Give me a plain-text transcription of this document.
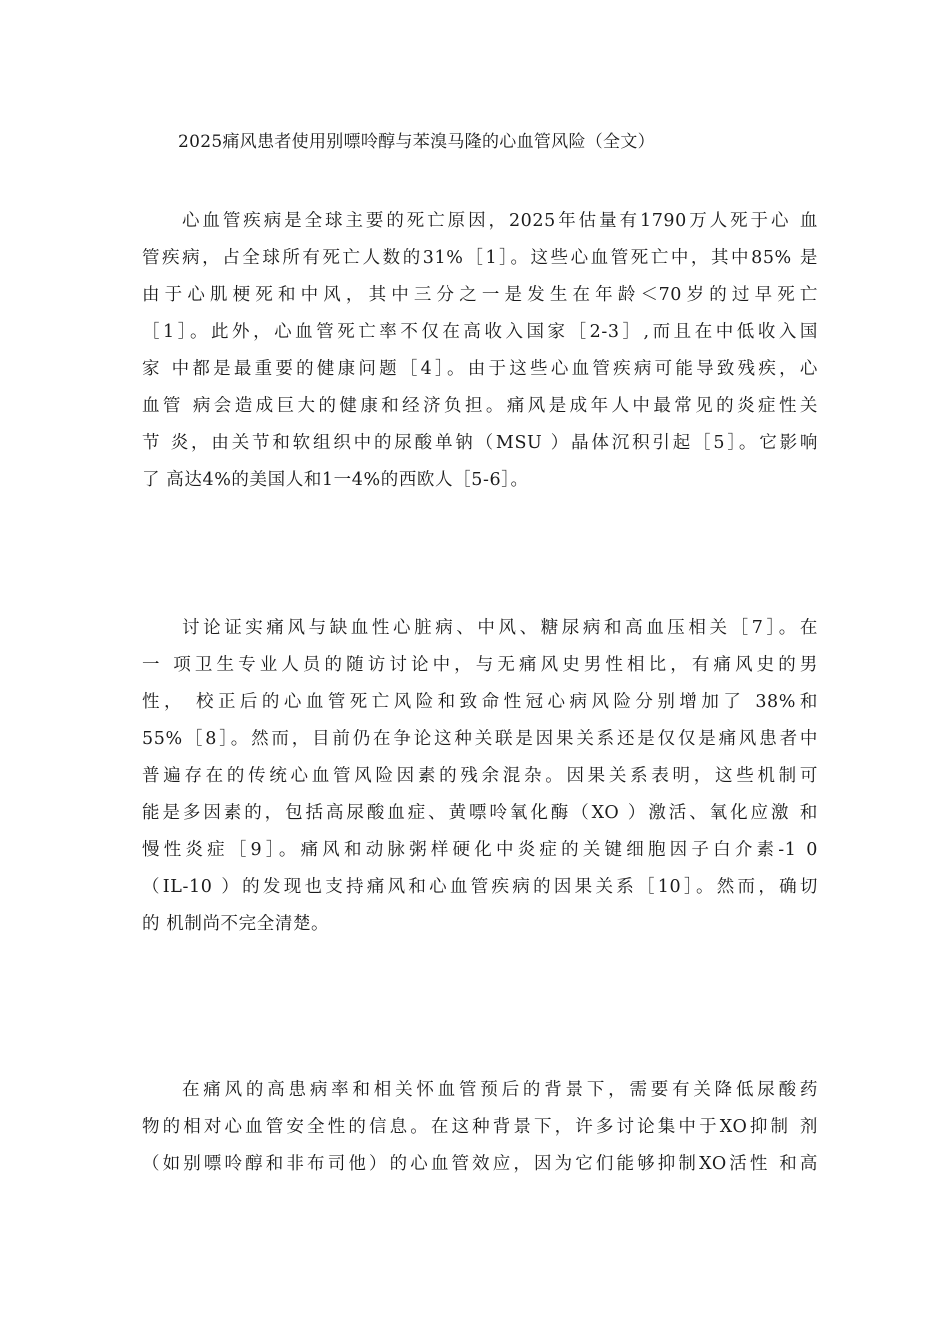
2025痛风患者使用别嘌呤醇与苯溴马隆的心血管风险（全文）
心血管疾病是全球主要的死亡原因，2025年估量有1790万人死于心 血
管疾病，占全球所有死亡人数的31%［1］。这些心血管死亡中，其中85% 是
由于心肌梗死和中风，其中三分之一是发生在年龄＜70岁的过早死亡
［1］。此外，心血管死亡率不仅在高收入国家［2-3］,而且在中低收入国
家 中都是最重要的健康问题［4］。由于这些心血管疾病可能导致残疾，心
血管 病会造成巨大的健康和经济负担。痛风是成年人中最常见的炎症性关
节 炎，由关节和软组织中的尿酸单钠（MSU ）晶体沉积引起［5］。它影响
了 高达4%的美国人和1一4%的西欧人［5-6］。
讨论证实痛风与缺血性心脏病、中风、糖尿病和高血压相关［7］。在
一 项卫生专业人员的随访讨论中，与无痛风史男性相比，有痛风史的男
性， 校正后的心血管死亡风险和致命性冠心病风险分别增加了 38%和
55%［8］。然而，目前仍在争论这种关联是因果关系还是仅仅是痛风患者中
普遍存在的传统心血管风险因素的残余混杂。因果关系表明，这些机制可
能是多因素的，包括高尿酸血症、黄嘌呤氧化酶（XO ）激活、氧化应激 和
慢性炎症［9］。痛风和动脉粥样硬化中炎症的关键细胞因子白介素-1 0
（IL-10 ）的发现也支持痛风和心血管疾病的因果关系［10］。然而，确切
的 机制尚不完全清楚。
在痛风的高患病率和相关怀血管预后的背景下，需要有关降低尿酸药
物的相对心血管安全性的信息。在这种背景下，许多讨论集中于XO抑制 剂
（如别嘌呤醇和非布司他）的心血管效应，因为它们能够抑制XO活性 和高
